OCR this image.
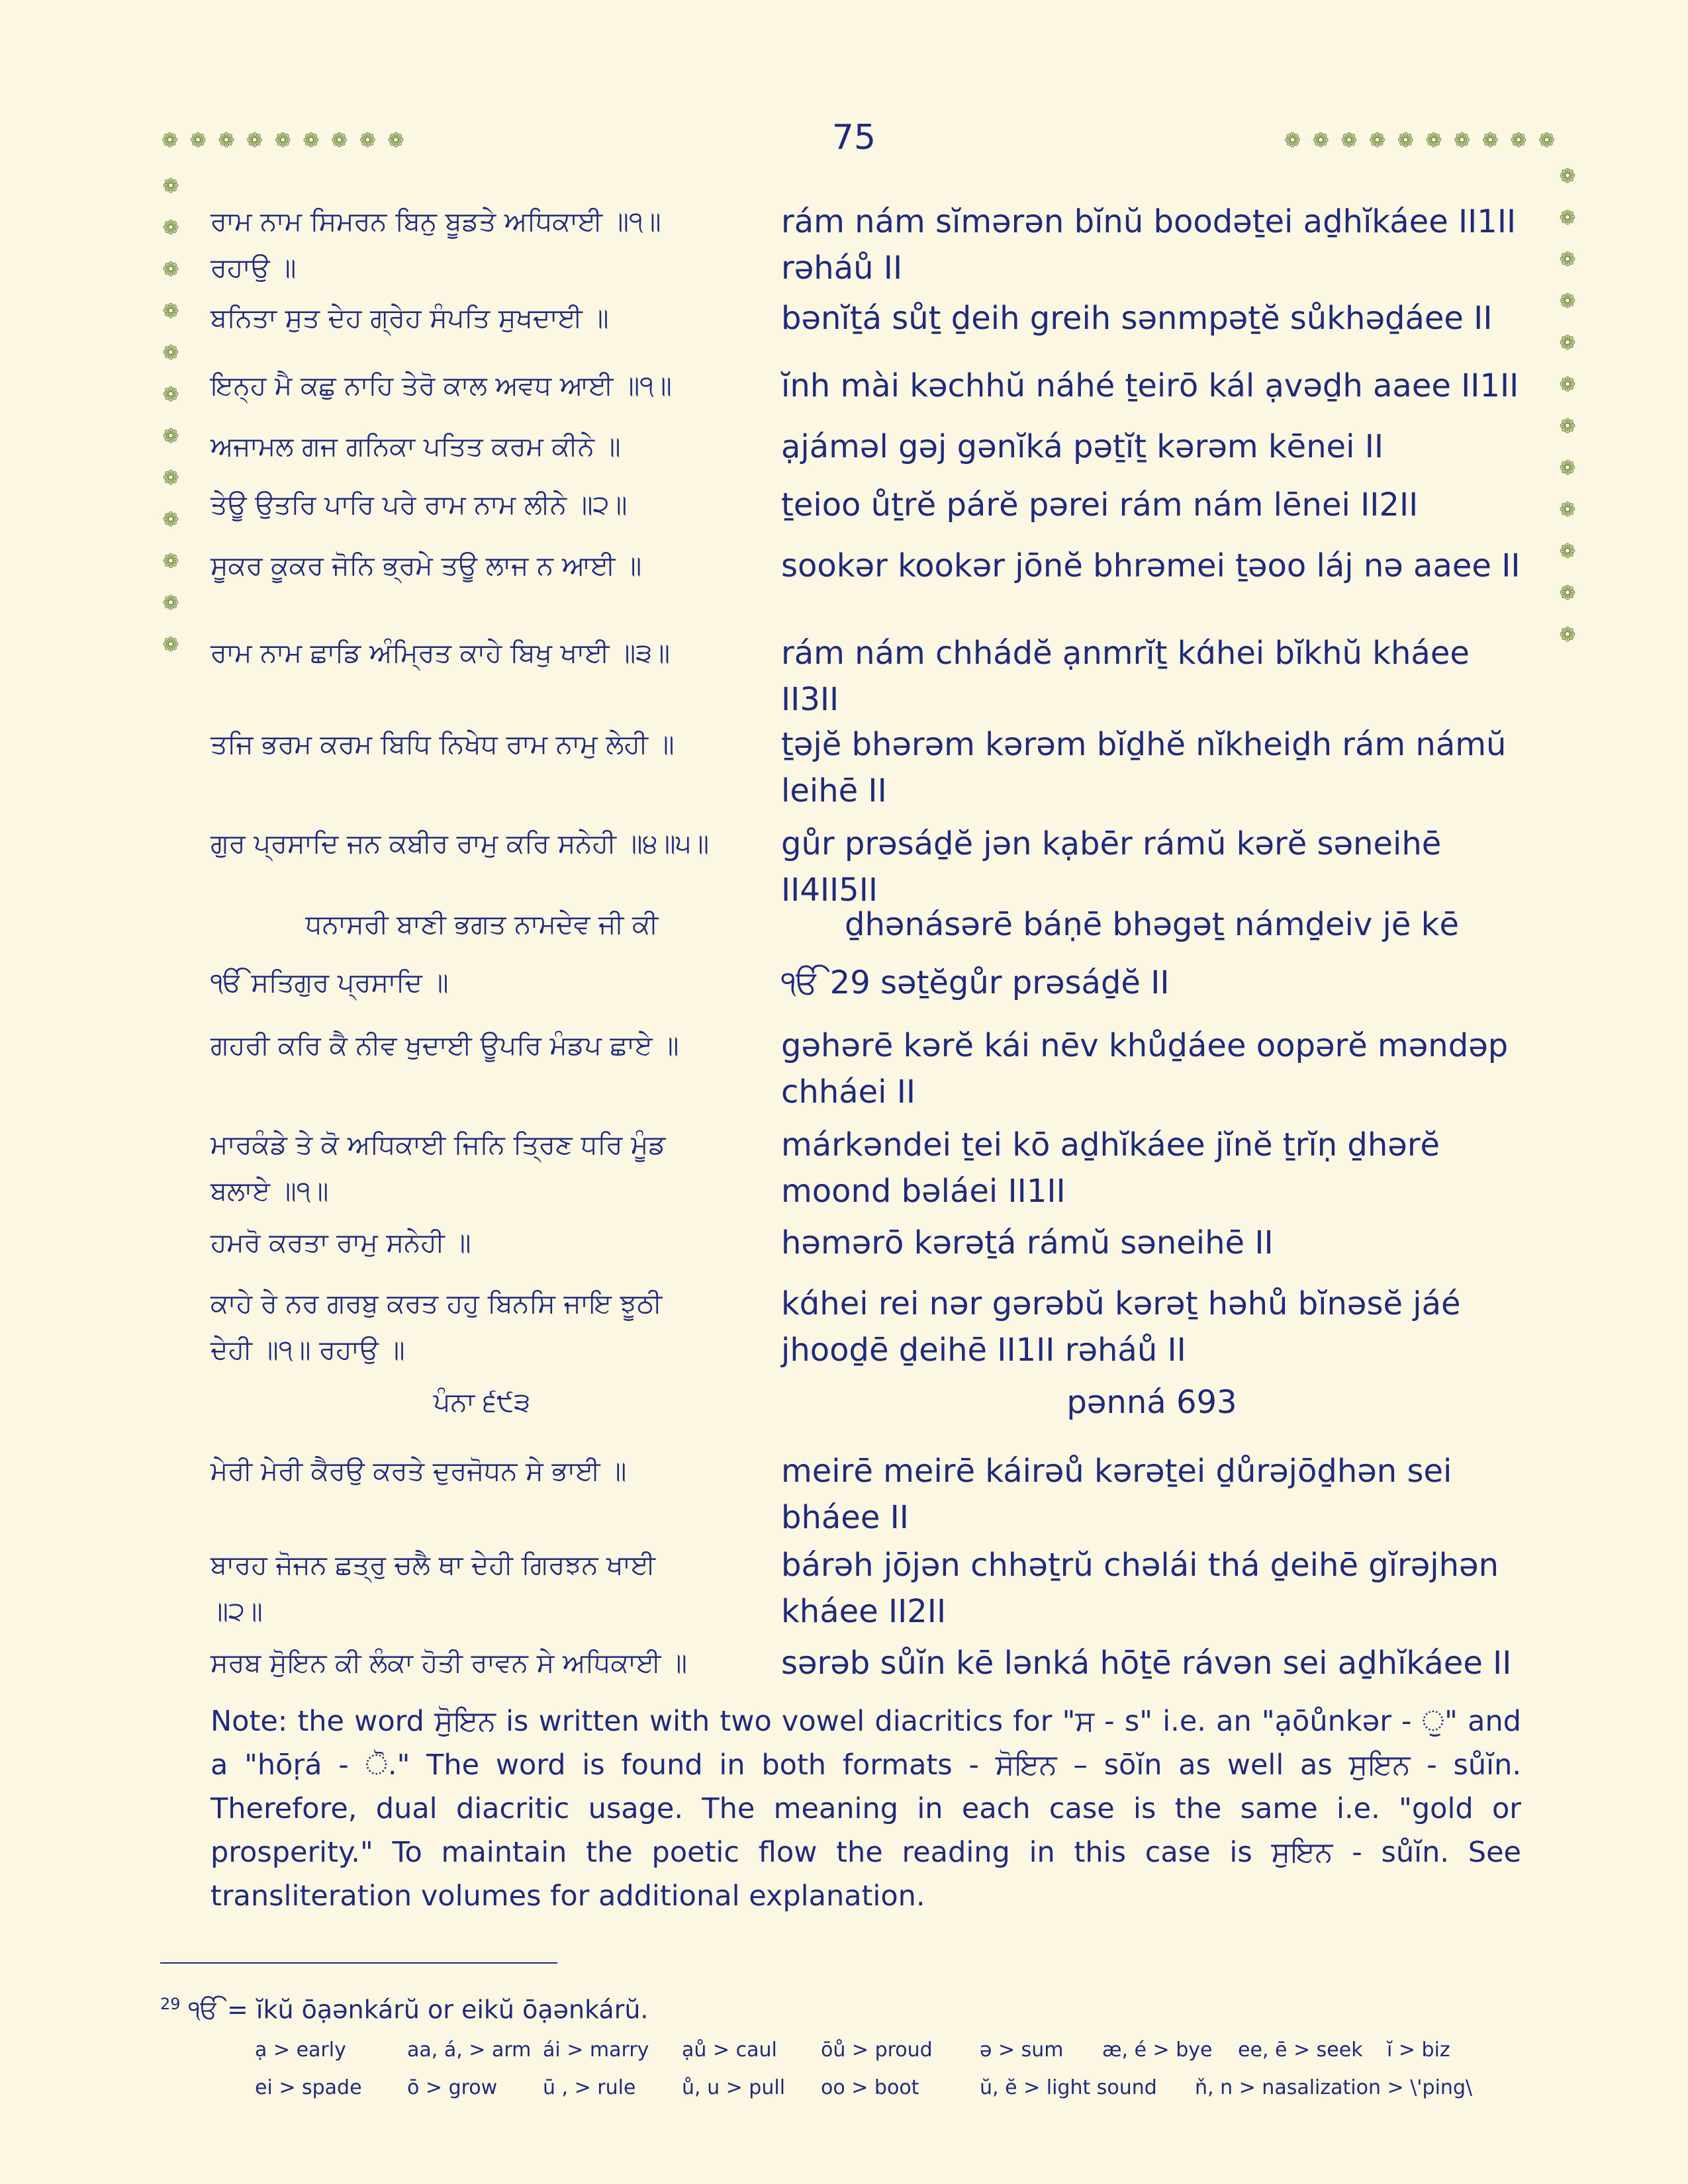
❁ ❁ ❁ ❁ ❁ ❁ ❁ ❁ ❁	75	❁ ❁ ❁ ❁ ❁ ❁ ❁ ❁ ❁ ❁
❁
❁
❁
❁
❁
❁
❁
❁
❁
❁
❁
❁
❁
❁
❁
❁
❁
❁
❁
❁
❁
❁
❁
❁
ਰਾਮ ਨਾਮ ਸਿਮਰਨ ਬਿਨੁ ਬੂਡਤੇ ਅਧਿਕਾਈ ॥੧॥	rám nám sĭmərən bĭnŭ boodəṯei aḏhĭkáee II1II
ਰਹਾਉ ॥	rəháů II
ਬਨਿਤਾ ਸੁਤ ਦੇਹ ਗ੍ਰੇਹ ਸੰਪਤਿ ਸੁਖਦਾਈ ॥	bənĭṯá sůṯ ḏeih greih sənmpəṯĕ sůkhəḏáee II
ਇਨ੍ਹ ਮੈ ਕਛੁ ਨਾਹਿ ਤੇਰੋ ਕਾਲ ਅਵਧ ਆਈ ॥੧॥	ĭnh mài kəchhŭ náhé ṯeirō kál ạvəḏh aaee II1II
ਅਜਾਮਲ ਗਜ ਗਨਿਕਾ ਪਤਿਤ ਕਰਮ ਕੀਨੇ ॥	ạjáməl gəj gənĭká pəṯĭṯ kərəm kēnei II
ਤੇਊ ਉਤਰਿ ਪਾਰਿ ਪਰੇ ਰਾਮ ਨਾਮ ਲੀਨੇ ॥੨॥	ṯeioo ůṯrĕ párĕ pərei rám nám lēnei II2II
ਸੂਕਰ ਕੂਕਰ ਜੋਨਿ ਭ੍ਰਮੇ ਤਊ ਲਾਜ ਨ ਆਈ ॥	sookər kookər jōnĕ bhrəmei ṯəoo láj nə aaee II
ਰਾਮ ਨਾਮ ਛਾਡਿ ਅੰਮ੍ਰਿਤ ਕਾਹੇ ਬਿਖੁ ਖਾਈ ॥੩॥	rám nám chhádĕ ạnmrĭṯ kɑ́hei bĭkhŭ kháee II3II
ਤਜਿ ਭਰਮ ਕਰਮ ਬਿਧਿ ਨਿਖੇਧ ਰਾਮ ਨਾਮੁ ਲੇਹੀ ॥	ṯəjĕ bhərəm kərəm bĭḏhĕ nĭkheiḏh rám námŭ
leihē II
ਗੁਰ ਪ੍ਰਸਾਦਿ ਜਨ ਕਬੀਰ ਰਾਮੁ ਕਰਿ ਸਨੇਹੀ ॥੪॥੫॥	gůr prəsáḏĕ jən kạbēr rámŭ kərĕ səneihē II4II5II
ਧਨਾਸਰੀ ਬਾਣੀ ਭਗਤ ਨਾਮਦੇਵ ਜੀ ਕੀ	ḏhənásərē báṇē bhəgəṯ námḏeiv jē kē
ੴ ਸਤਿਗੁਰ ਪ੍ਰਸਾਦਿ ॥	ੴ 29 səṯĕgůr prəsáḏĕ II
ਗਹਰੀ ਕਰਿ ਕੈ ਨੀਵ ਖੁਦਾਈ ਊਪਰਿ ਮੰਡਪ ਛਾਏ ॥	gəhərē kərĕ kái nēv khůḏáee oopərĕ məndəp
chháei II
ਮਾਰਕੰਡੇ ਤੇ ਕੋ ਅਧਿਕਾਈ ਜਿਨਿ ਤ੍ਰਿਣ ਧਰਿ ਮੂੰਡ	márkəndei ṯei kō aḏhĭkáee jĭnĕ ṯrĭṇ ḏhərĕ
ਬਲਾਏ ॥੧॥	moond bəláei II1II
ਹਮਰੋ ਕਰਤਾ ਰਾਮੁ ਸਨੇਹੀ ॥	həmərō kərəṯá rámŭ səneihē II
ਕਾਹੇ ਰੇ ਨਰ ਗਰਬੁ ਕਰਤ ਹਹੁ ਬਿਨਸਿ ਜਾਇ ਝੂਠੀ	kɑ́hei rei nər gərəbŭ kərəṯ həhů bĭnəsĕ jáé
ਦੇਹੀ ॥੧॥ ਰਹਾਉ ॥	jhooḏē ḏeihē II1II rəháů II
ਪੰਨਾ ੬੯੩	pənná 693
ਮੇਰੀ ਮੇਰੀ ਕੈਰਉ ਕਰਤੇ ਦੁਰਜੋਧਨ ਸੇ ਭਾਈ ॥	meirē meirē káirəů kərəṯei ḏůrəjōḏhən sei
bháee II
ਬਾਰਹ ਜੋਜਨ ਛਤ੍ਰੁ ਚਲੈ ਥਾ ਦੇਹੀ ਗਿਰਝਨ ਖਾਈ	bárəh jōjən chhəṯrŭ chəlái thá ḏeihē gĭrəjhən
॥੨॥	kháee II2II
ਸਰਬ ਸੋੁਇਨ ਕੀ ਲੰਕਾ ਹੋਤੀ ਰਾਵਨ ਸੇ ਅਧਿਕਾਈ ॥	sərəb sůĭn kē lənká hōṯē rávən sei aḏhĭkáee II
Note: the word ਸੋੁਇਨ is written with two vowel diacritics for "ਸ - s" i.e. an "ạōůnkər - ੁ" and a "hōṛá - ੋ." The word is found in both formats - ਸੋਇਨ – sōĭn as well as ਸੁਇਨ - sůĭn. Therefore, dual diacritic usage. The meaning in each case is the same i.e. "gold or prosperity." To maintain the poetic flow the reading in this case is ਸੁਇਨ - sůĭn. See transliteration volumes for additional explanation.
$^{29}$ ੴ = ĭkŭ ōạənkárŭ or eikŭ ōạənkárŭ.
ạ > early	aa, á, > arm ái > marry ạů > caul ōů > proud ə > sum æ, é > bye ee, ē > seek ĭ > biz
ei > spade ō > grow ū , > rule ů, u > pull oo > boot	ŭ, ĕ > light sound ň, n > nasalization > \'ping\
